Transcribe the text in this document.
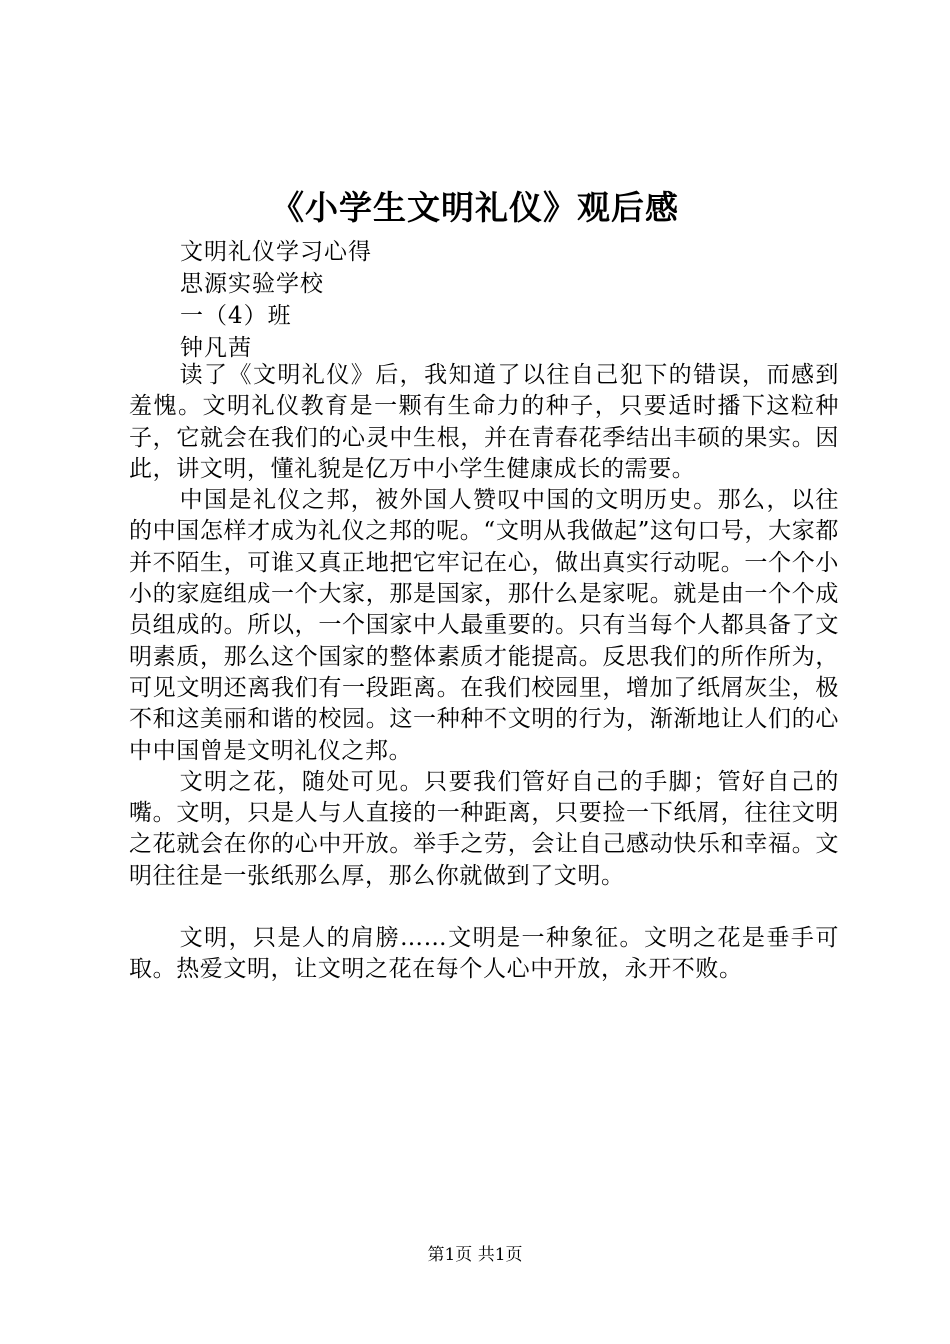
《小学生文明礼仪》观后感
文明礼仪学习心得
思源实验学校
一（4）班
钟凡茜

读了《文明礼仪》后，我知道了以往自己犯下的错误，而感到羞愧。文明礼仪教育是一颗有生命力的种子，只要适时播下这粒种子，它就会在我们的心灵中生根，并在青春花季结出丰硕的果实。因此，讲文明，懂礼貌是亿万中小学生健康成长的需要。

中国是礼仪之邦，被外国人赞叹中国的文明历史。那么，以往的中国怎样才成为礼仪之邦的呢。“文明从我做起”这句口号，大家都并不陌生，可谁又真正地把它牢记在心，做出真实行动呢。一个个小小的家庭组成一个大家，那是国家，那什么是家呢。就是由一个个成员组成的。所以，一个国家中人最重要的。只有当每个人都具备了文明素质，那么这个国家的整体素质才能提高。反思我们的所作所为，可见文明还离我们有一段距离。在我们校园里，增加了纸屑灰尘，极不和这美丽和谐的校园。这一种种不文明的行为，渐渐地让人们的心中中国曾是文明礼仪之邦。

文明之花，随处可见。只要我们管好自己的手脚；管好自己的嘴。文明，只是人与人直接的一种距离，只要捡一下纸屑，往往文明之花就会在你的心中开放。举手之劳，会让自己感动快乐和幸福。文明往往是一张纸那么厚，那么你就做到了文明。

文明，只是人的肩膀……文明是一种象征。文明之花是垂手可取。热爱文明，让文明之花在每个人心中开放，永开不败。

第1页 共1页
